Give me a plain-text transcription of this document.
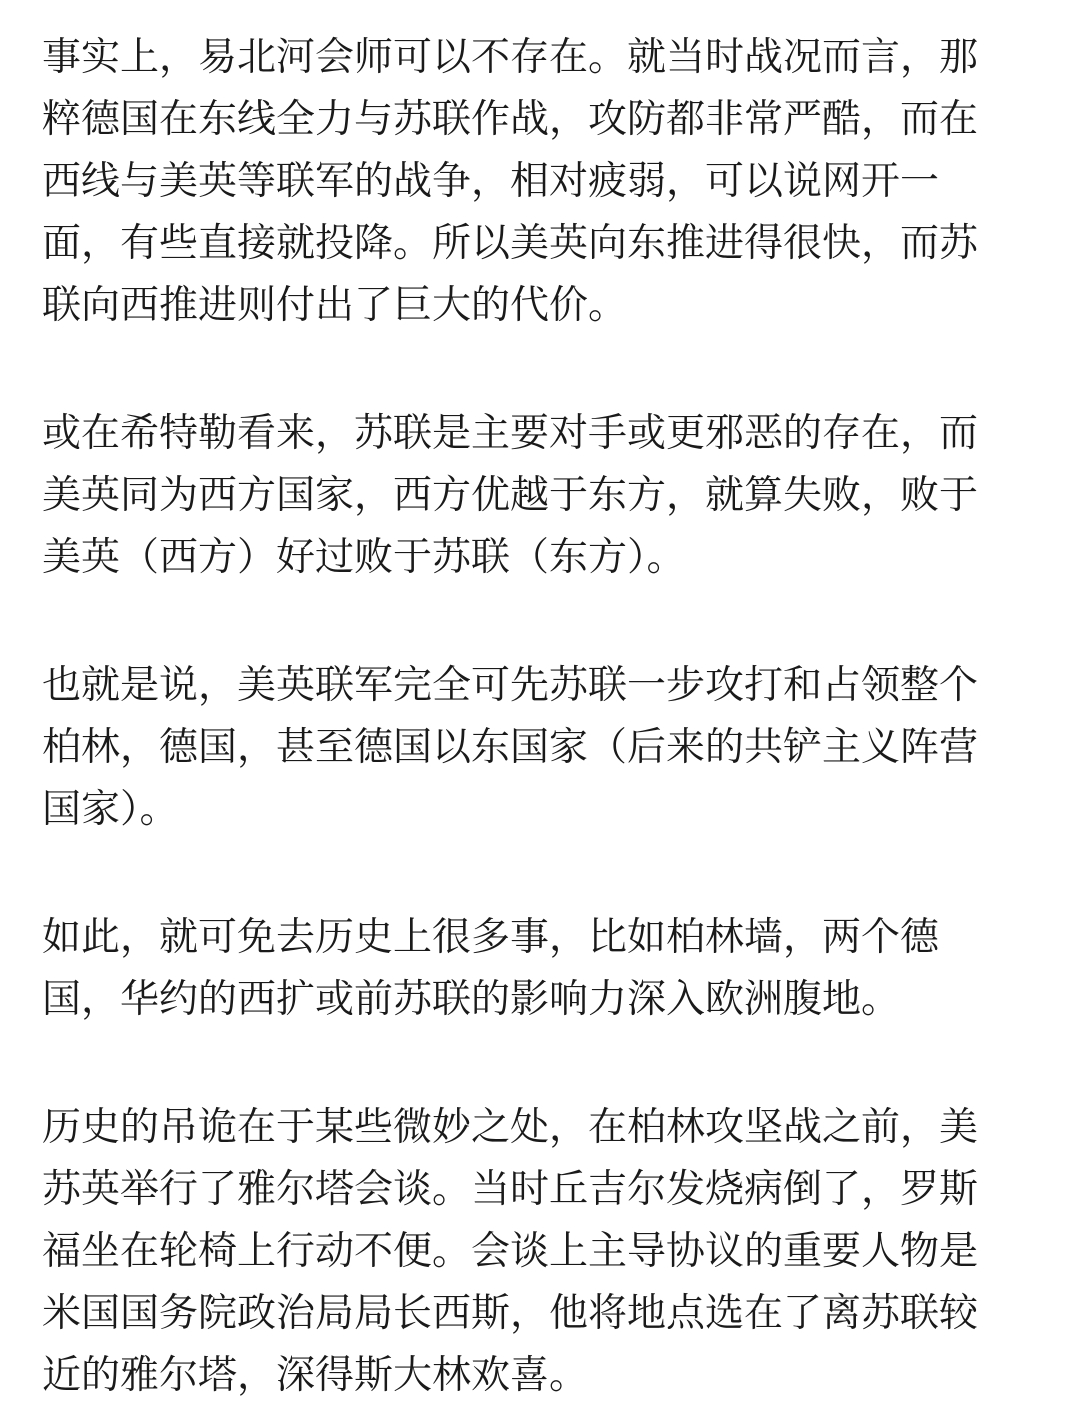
事实上，易北河会师可以不存在。就当时战况而言，那
粹德国在东线全力与苏联作战，攻防都非常严酷，而在
西线与美英等联军的战争，相对疲弱，可以说网开一
面，有些直接就投降。所以美英向东推进得很快，而苏
联向西推进则付出了巨大的代价。
或在希特勒看来，苏联是主要对手或更邪恶的存在，而
美英同为西方国家，西方优越于东方，就算失败，败于
美英（西方）好过败于苏联（东方）。
也就是说，美英联军完全可先苏联一步攻打和占领整个
柏林，德国，甚至德国以东国家（后来的共铲主义阵营
国家）。
如此，就可免去历史上很多事，比如柏林墙，两个德
国，华约的西扩或前苏联的影响力深入欧洲腹地。
历史的吊诡在于某些微妙之处，在柏林攻坚战之前，美
苏英举行了雅尔塔会谈。当时丘吉尔发烧病倒了，罗斯
福坐在轮椅上行动不便。会谈上主导协议的重要人物是
米国国务院政治局局长西斯，他将地点选在了离苏联较
近的雅尔塔，深得斯大林欢喜。
